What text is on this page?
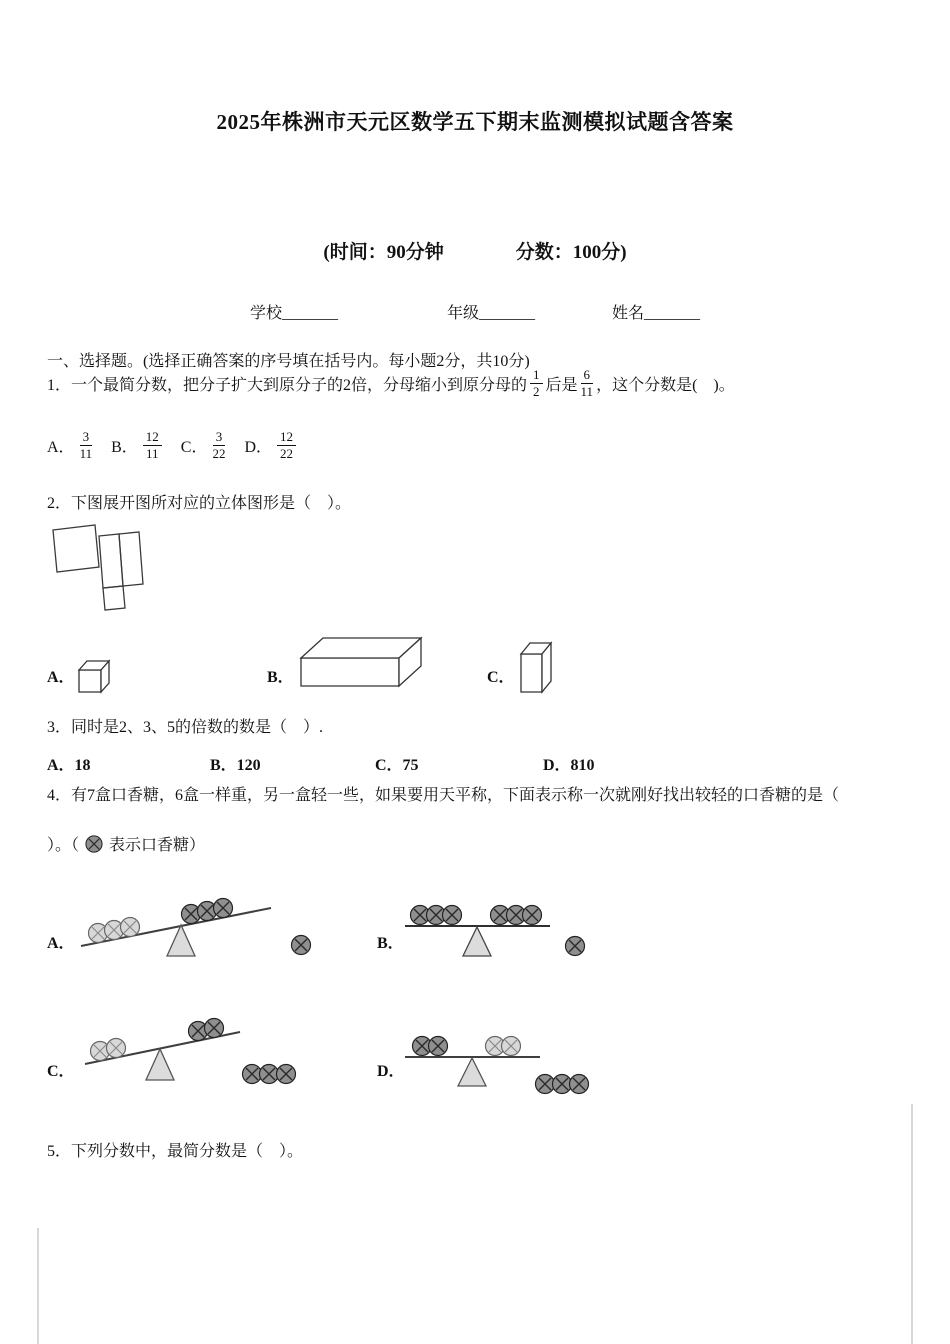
2025年株洲市天元区数学五下期末监测模拟试题含答案
(时间：90分钟	分数：100分)
学校_______	年级_______	姓名_______
一、选择题。(选择正确答案的序号填在括号内。每小题2分，共10分)
1．一个最简分数，把分子扩大到原分子的2倍，分母缩小到原分母的 $\frac{1}{2}$ 后是 $\frac{6}{11}$ ，这个分数是(　)。
A． $\frac{3}{11}$ B． $\frac{12}{11}$ C． $\frac{3}{22}$ D． $\frac{12}{22}$
2．下图展开图所对应的立体图形是（　）。
A．	B．	C．
3．同时是2、3、5的倍数的数是（　）.
A．18	B．120	C．75	D．810
4．有7盒口香糖，6盒一样重，另一盒轻一些，如果要用天平称，下面表示称一次就刚好找出较轻的口香糖的是（
）。（ 表示口香糖）
A．	B．
C．	D．
5．下列分数中，最简分数是（　）。
